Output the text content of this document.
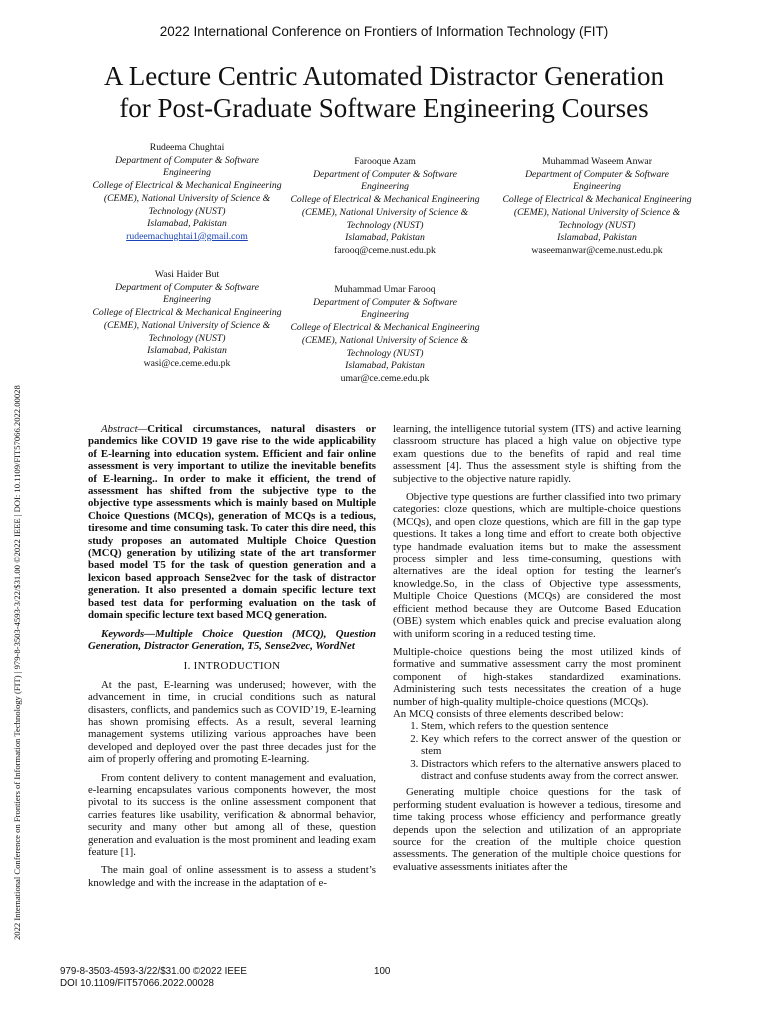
2022 International Conference on Frontiers of Information Technology (FIT)
A Lecture Centric Automated Distractor Generation
for Post-Graduate Software Engineering Courses
2022 International Conference on Frontiers of Information Technology (FIT) | 979-8-3503-4593-3/22/$31.00 ©2022 IEEE | DOI: 10.1109/FIT57066.2022.00028
Rudeema Chughtai
Department of Computer & Software Engineering
College of Electrical & Mechanical Engineering
(CEME), National University of Science & Technology (NUST)
Islamabad, Pakistan
rudeemachughtai1@gmail.com
Farooque Azam
Department of Computer & Software Engineering
College of Electrical & Mechanical Engineering
(CEME), National University of Science & Technology (NUST)
Islamabad, Pakistan
farooq@ceme.nust.edu.pk
Muhammad Waseem Anwar
Department of Computer & Software Engineering
College of Electrical & Mechanical Engineering
(CEME), National University of Science & Technology (NUST)
Islamabad, Pakistan
waseemanwar@ceme.nust.edu.pk
Wasi Haider But
Department of Computer & Software Engineering
College of Electrical & Mechanical Engineering
(CEME), National University of Science & Technology (NUST)
Islamabad, Pakistan
wasi@ce.ceme.edu.pk
Muhammad Umar Farooq
Department of Computer & Software Engineering
College of Electrical & Mechanical Engineering
(CEME), National University of Science & Technology (NUST)
Islamabad, Pakistan
umar@ce.ceme.edu.pk

Abstract—Critical circumstances, natural disasters or pandemics like COVID 19 gave rise to the wide applicability of E-learning into education system. Efficient and fair online assessment is very important to utilize the inevitable benefits of E-learning.. In order to make it efficient, the trend of assessment has shifted from the subjective type to the objective type assessments which is mainly based on Multiple Choice Questions (MCQs), generation of MCQs is a tedious, tiresome and time consuming task. To cater this dire need, this study proposes an automated Multiple Choice Question (MCQ) generation by utilizing state of the art transformer based model T5 for the task of question generation and a lexicon based approach Sense2vec for the task of distractor generation. It also presented a domain specific lecture text based test data for performing evaluation on the task of domain specific lecture text based MCQ generation.

Keywords—Multiple Choice Question (MCQ), Question Generation, Distractor Generation, T5, Sense2vec, WordNet

I. INTRODUCTION

At the past, E-learning was underused; however, with the advancement in time, in crucial conditions such as natural disasters, conflicts, and pandemics such as COVID’19, E-learning has shown promising effects. As a result, several learning management systems utilizing various approaches have been developed and deployed over the past three decades just for the aim of properly offering and promoting E-learning.

From content delivery to content management and evaluation, e-learning encapsulates various components however, the most pivotal to its success is the online assessment component that carries features like usability, verification & abnormal behavior, security and many other but among all of these, question generation and evaluation is the most prominent and leading exam feature [1].

The main goal of online assessment is to assess a student’s knowledge and with the increase in the adaptation of e-

learning, the intelligence tutorial system (ITS) and active learning classroom structure has placed a high value on objective type exam questions due to the benefits of rapid and real time assessment [4]. Thus the assessment style is shifting from the subjective to the objective nature rapidly.

Objective type questions are further classified into two primary categories: cloze questions, which are multiple-choice questions (MCQs), and open cloze questions, which are fill in the gap type questions. It takes a long time and effort to create both objective type handmade evaluation items but to make the assessment process simpler and less time-consuming, questions with alternatives are the ideal option for testing the learner's knowledge.So, in the class of Objective type assessments, Multiple Choice Questions (MCQs) are considered the most efficient method because they are Outcome Based Education (OBE) system which enables quick and precise evaluation along with uniform scoring in a reduced testing time.

Multiple-choice questions being the most utilized kinds of formative and summative assessment carry the most prominent component of high-stakes standardized examinations. Administering such tests necessitates the creation of a huge number of high-quality multiple-choice questions (MCQs).

An MCQ consists of three elements described below:

1. Stem, which refers to the question sentence
2. Key which refers to the correct answer of the question or stem
3. Distractors which refers to the alternative answers placed to distract and confuse students away from the correct answer.

Generating multiple choice questions for the task of performing student evaluation is however a tedious, tiresome and time taking process whose efficiency and performance greatly depends upon the selection and utilization of an appropriate source for the creation of the multiple choice question assessments. The generation of the multiple choice questions for evaluative assessments initiates after the

979-8-3503-4593-3/22/$31.00 ©2022 IEEE
DOI 10.1109/FIT57066.2022.00028
100
